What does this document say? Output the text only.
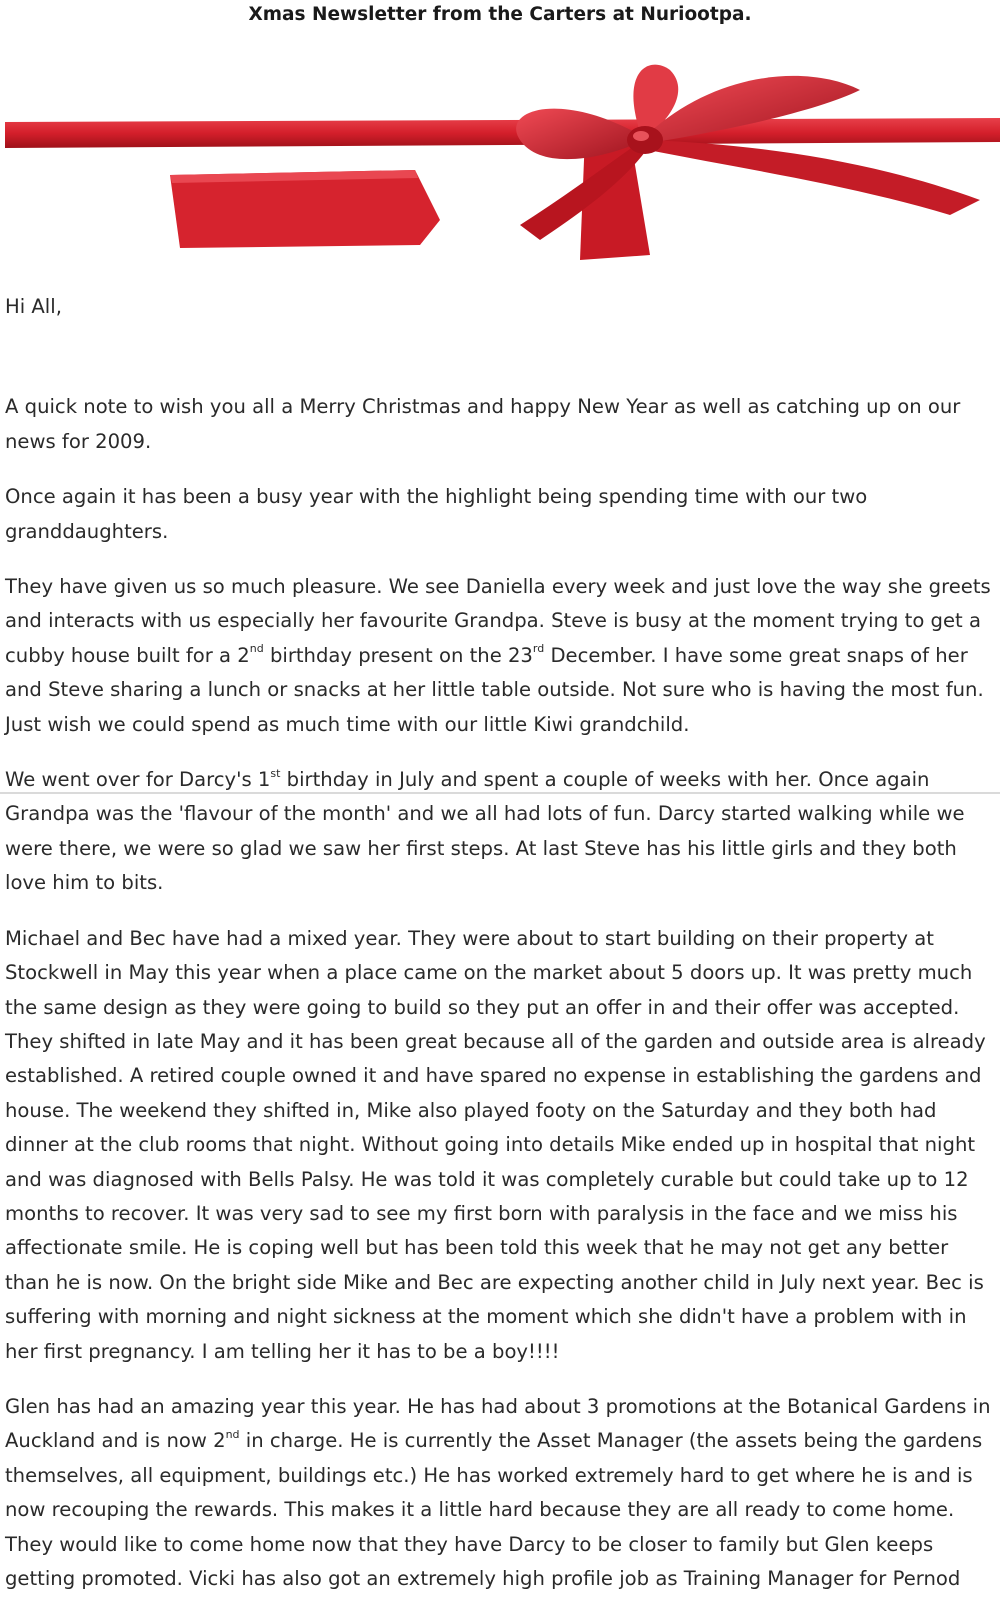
Xmas Newsletter from the Carters at Nuriootpa.

Hi All,

A quick note to wish you all a Merry Christmas and happy New Year as well as catching up on our news for 2009.

Once again it has been a busy year with the highlight being spending time with our two granddaughters.

They have given us so much pleasure. We see Daniella every week and just love the way she greets and interacts with us especially her favourite Grandpa. Steve is busy at the moment trying to get a cubby house built for a 2nd birthday present on the 23rd December. I have some great snaps of her and Steve sharing a lunch or snacks at her little table outside. Not sure who is having the most fun. Just wish we could spend as much time with our little Kiwi grandchild.

We went over for Darcy's 1st birthday in July and spent a couple of weeks with her. Once again Grandpa was the 'flavour of the month' and we all had lots of fun. Darcy started walking while we were there, we were so glad we saw her first steps. At last Steve has his little girls and they both love him to bits.

Michael and Bec have had a mixed year. They were about to start building on their property at Stockwell in May this year when a place came on the market about 5 doors up. It was pretty much the same design as they were going to build so they put an offer in and their offer was accepted. They shifted in late May and it has been great because all of the garden and outside area is already established. A retired couple owned it and have spared no expense in establishing the gardens and house. The weekend they shifted in, Mike also played footy on the Saturday and they both had dinner at the club rooms that night. Without going into details Mike ended up in hospital that night and was diagnosed with Bells Palsy. He was told it was completely curable but could take up to 12 months to recover. It was very sad to see my first born with paralysis in the face and we miss his affectionate smile. He is coping well but has been told this week that he may not get any better than he is now. On the bright side Mike and Bec are expecting another child in July next year. Bec is suffering with morning and night sickness at the moment which she didn't have a problem with in her first pregnancy. I am telling her it has to be a boy!!!!

Glen has had an amazing year this year. He has had about 3 promotions at the Botanical Gardens in Auckland and is now 2nd in charge. He is currently the Asset Manager (the assets being the gardens themselves, all equipment, buildings etc.) He has worked extremely hard to get where he is and is now recouping the rewards. This makes it a little hard because they are all ready to come home. They would like to come home now that they have Darcy to be closer to family but Glen keeps getting promoted. Vicki has also got an extremely high profile job as Training Manager for Pernod
